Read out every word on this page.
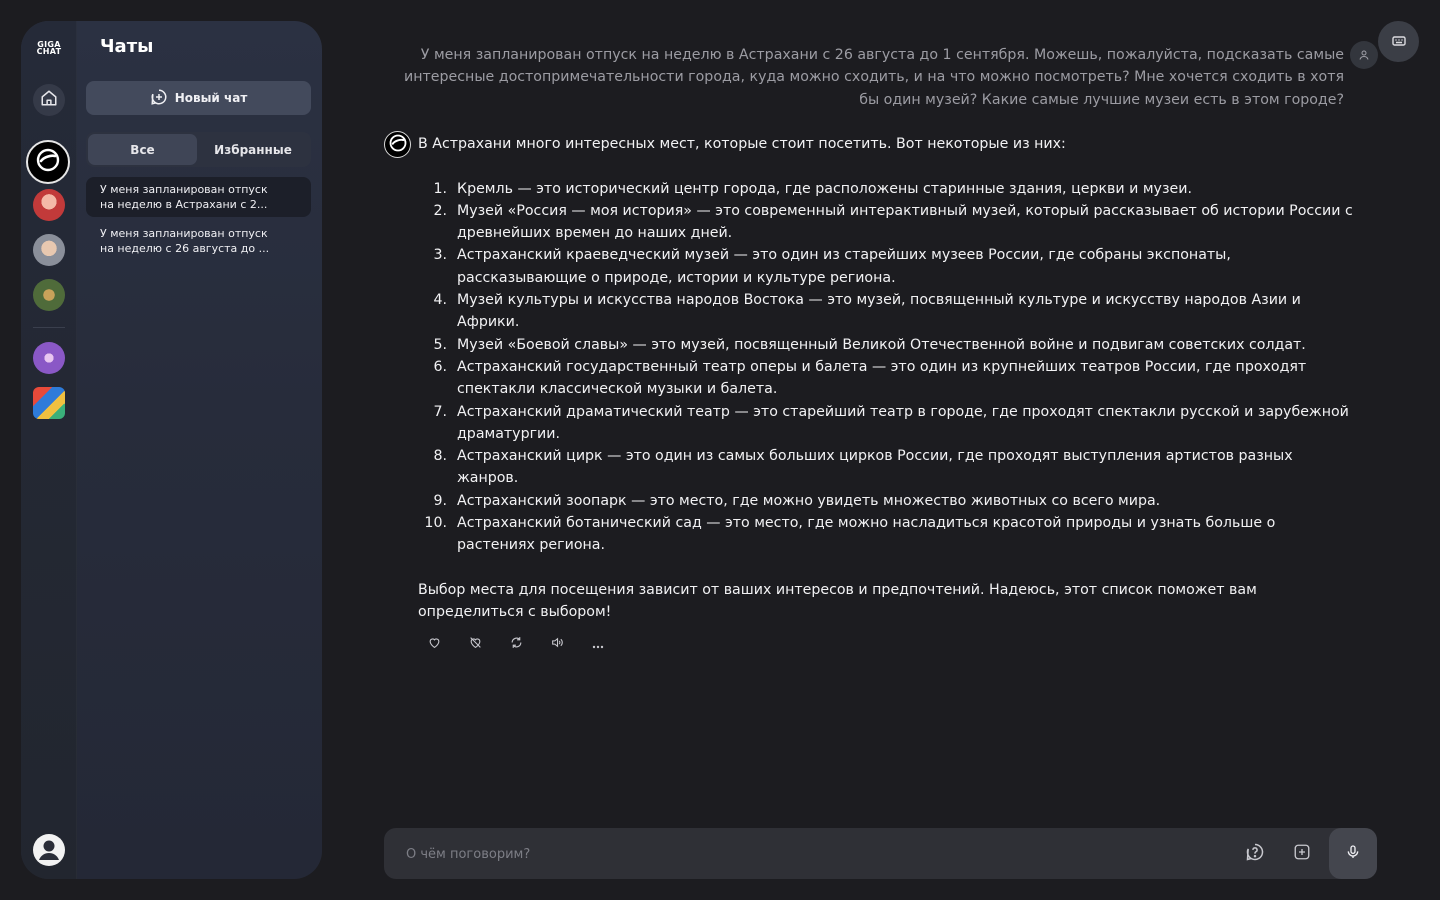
GIGA
CHAT Чаты
Новый чат
Все	Избранные
У меня запланирован отпуск
на неделю в Астрахани с 2...
У меня запланирован отпуск
на неделю с 26 августа до ...
У меня запланирован отпуск на неделю в Астрахани с 26 августа до 1 сентября. Можешь, пожалуйста, подсказать самые интересные достопримечательности города, куда можно сходить, и на что можно посмотреть? Мне хочется сходить в хотя бы один музей? Какие самые лучшие музеи есть в этом городе?

В Астрахани много интересных мест, которые стоит посетить. Вот некоторые из них:

1. Кремль — это исторический центр города, где расположены старинные здания, церкви и музеи.
2. Музей «Россия — моя история» — это современный интерактивный музей, который рассказывает об истории России с древнейших времен до наших дней.
3. Астраханский краеведческий музей — это один из старейших музеев России, где собраны экспонаты, рассказывающие о природе, истории и культуре региона.
4. Музей культуры и искусства народов Востока — это музей, посвященный культуре и искусству народов Азии и Африки.
5. Музей «Боевой славы» — это музей, посвященный Великой Отечественной войне и подвигам советских солдат.
6. Астраханский государственный театр оперы и балета — это один из крупнейших театров России, где проходят спектакли классической музыки и балета.
7. Астраханский драматический театр — это старейший театр в городе, где проходят спектакли русской и зарубежной драматургии.
8. Астраханский цирк — это один из самых больших цирков России, где проходят выступления артистов разных жанров.
9. Астраханский зоопарк — это место, где можно увидеть множество животных со всего мира.
10. Астраханский ботанический сад — это место, где можно насладиться красотой природы и узнать больше о растениях региона.

Выбор места для посещения зависит от ваших интересов и предпочтений. Надеюсь, этот список поможет вам определиться с выбором!

О чём поговорим?
